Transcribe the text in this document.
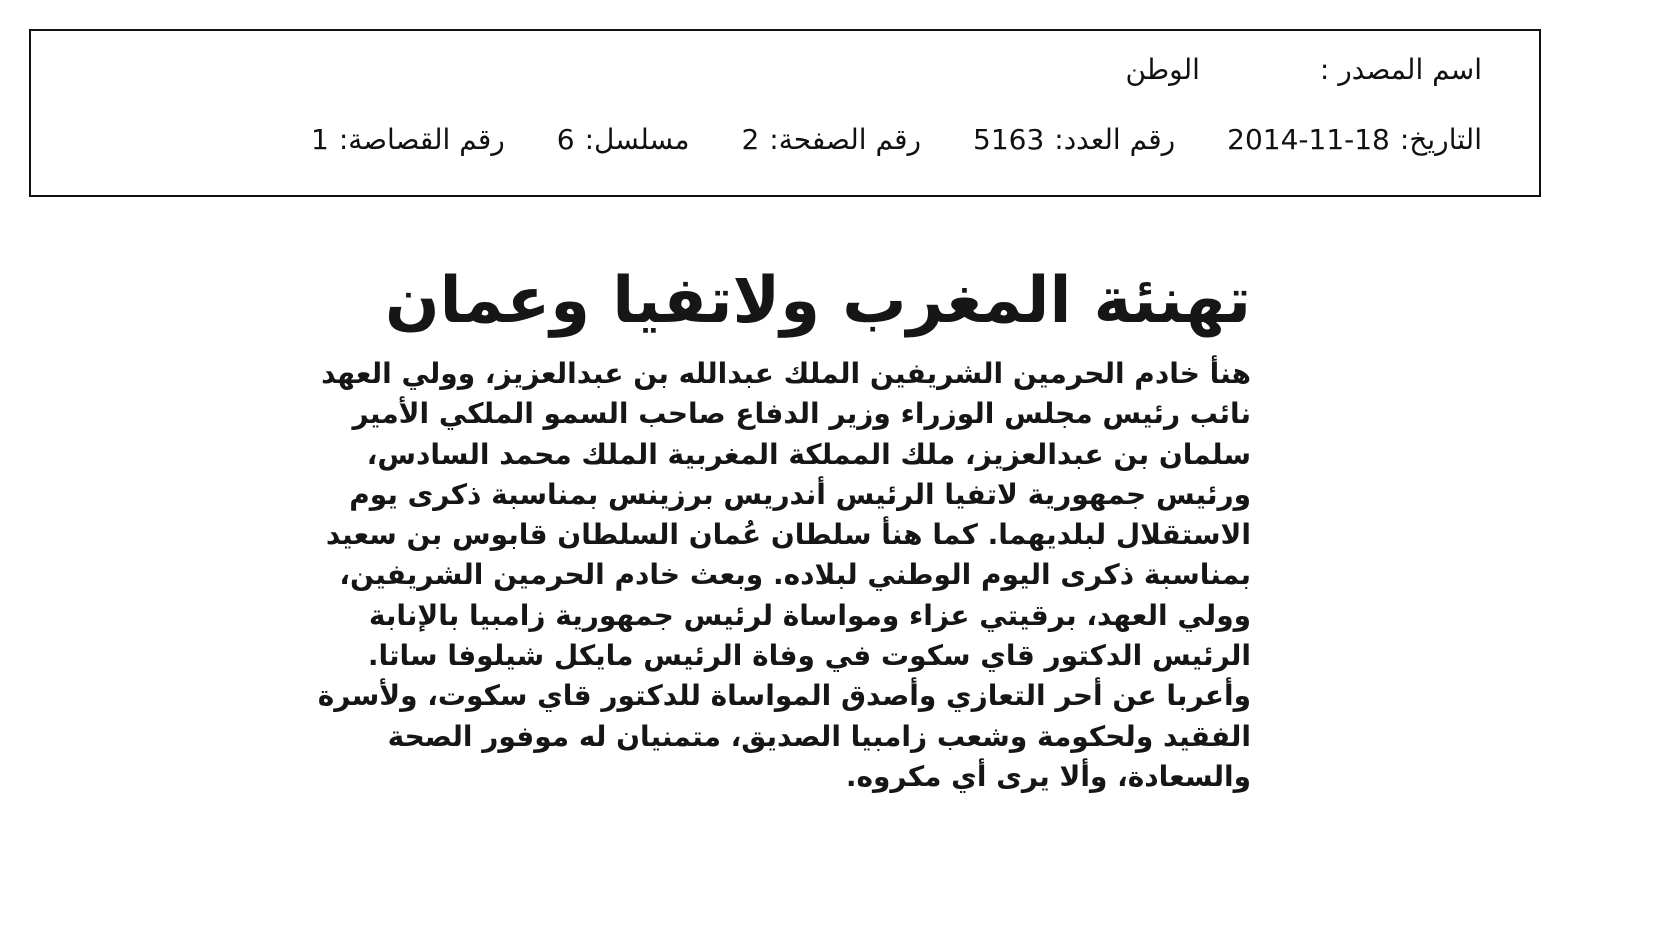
اسم المصدر :
الوطن
التاريخ:
2014-11-18
رقم العدد:
5163
رقم الصفحة:
2
مسلسل:
6
رقم القصاصة:
1
تهنئة المغرب ولاتفيا وعمان

هنأ خادم الحرمين الشريفين الملك عبدالله بن عبدالعزيز، وولي العهد
نائب رئيس مجلس الوزراء وزير الدفاع صاحب السمو الملكي الأمير
سلمان بن عبدالعزيز، ملك المملكة المغربية الملك محمد السادس،
ورئيس جمهورية لاتفيا الرئيس أندريس برزينس بمناسبة ذكرى يوم
الاستقلال لبلديهما. كما هنأ سلطان عُمان السلطان قابوس بن سعيد
بمناسبة ذكرى اليوم الوطني لبلاده. وبعث خادم الحرمين الشريفين،
وولي العهد، برقيتي عزاء ومواساة لرئيس جمهورية زامبيا بالإنابة
الرئيس الدكتور قاي سكوت في وفاة الرئيس مايكل شيلوفا ساتا.
وأعربا عن أحر التعازي وأصدق المواساة للدكتور قاي سكوت، ولأسرة
الفقيد ولحكومة وشعب زامبيا الصديق، متمنيان له موفور الصحة
والسعادة، وألا يرى أي مكروه.
